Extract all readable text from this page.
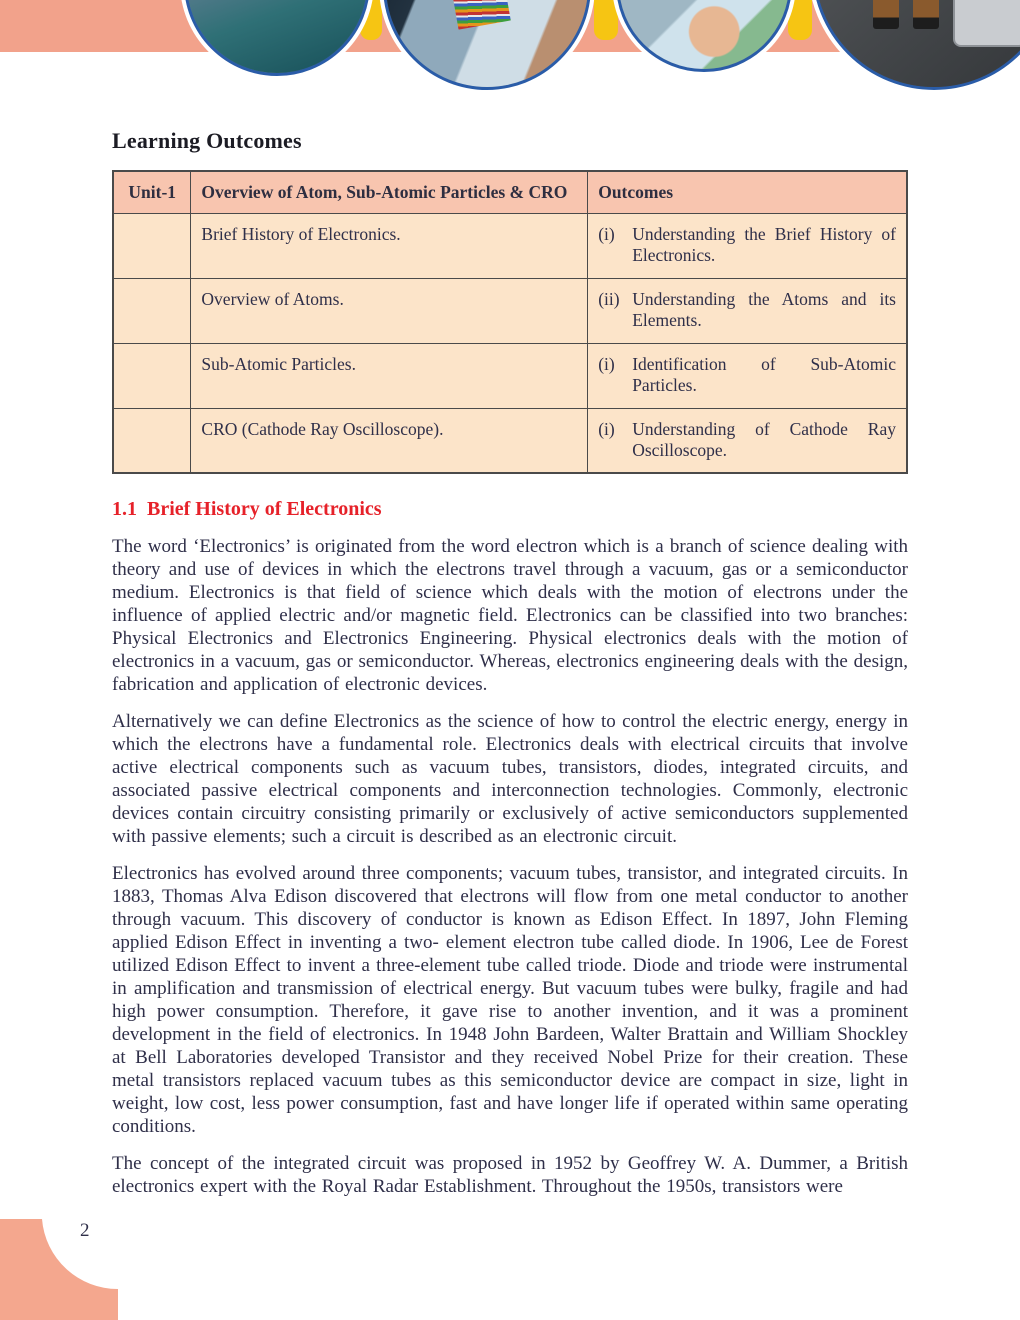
Learning Outcomes
Unit-1	Overview of Atom, Sub-Atomic Particles & CRO	Outcomes
	Brief History of Electronics.	(i) Understanding the Brief History of Electronics.

	Overview of Atoms.	(ii) Understanding the Atoms and its Elements.

	Sub-Atomic Particles.	(i) Identification of Sub-Atomic Particles.

	CRO (Cathode Ray Oscilloscope).	(i) Understanding of Cathode Ray Oscilloscope.
1.1 Brief History of Electronics

The word ‘Electronics’ is originated from the word electron which is a branch of science dealing with theory and use of devices in which the electrons travel through a vacuum, gas or a semiconductor medium. Electronics is that field of science which deals with the motion of electrons under the influence of applied electric and/or magnetic field. Electronics can be classified into two branches: Physical Electronics and Electronics Engineering. Physical electronics deals with the motion of electronics in a vacuum, gas or semiconductor. Whereas, electronics engineering deals with the design, fabrication and application of electronic devices.

Alternatively we can define Electronics as the science of how to control the electric energy, energy in which the electrons have a fundamental role. Electronics deals with electrical circuits that involve active electrical components such as vacuum tubes, transistors, diodes, integrated circuits, and associated passive electrical components and interconnection technologies. Commonly, electronic devices contain circuitry consisting primarily or exclusively of active semiconductors supplemented with passive elements; such a circuit is described as an electronic circuit.

Electronics has evolved around three components; vacuum tubes, transistor, and integrated circuits. In 1883, Thomas Alva Edison discovered that electrons will flow from one metal conductor to another through vacuum. This discovery of conductor is known as Edison Effect. In 1897, John Fleming applied Edison Effect in inventing a two- element electron tube called diode. In 1906, Lee de Forest utilized Edison Effect to invent a three-element tube called triode. Diode and triode were instrumental in amplification and transmission of electrical energy. But vacuum tubes were bulky, fragile and had high power consumption. Therefore, it gave rise to another invention, and it was a prominent development in the field of electronics. In 1948 John Bardeen, Walter Brattain and William Shockley at Bell Laboratories developed Transistor and they received Nobel Prize for their creation. These metal transistors replaced vacuum tubes as this semiconductor device are compact in size, light in weight, low cost, less power consumption, fast and have longer life if operated within same operating conditions.

The concept of the integrated circuit was proposed in 1952 by Geoffrey W. A. Dummer, a British electronics expert with the Royal Radar Establishment. Throughout the 1950s, transistors were

2
